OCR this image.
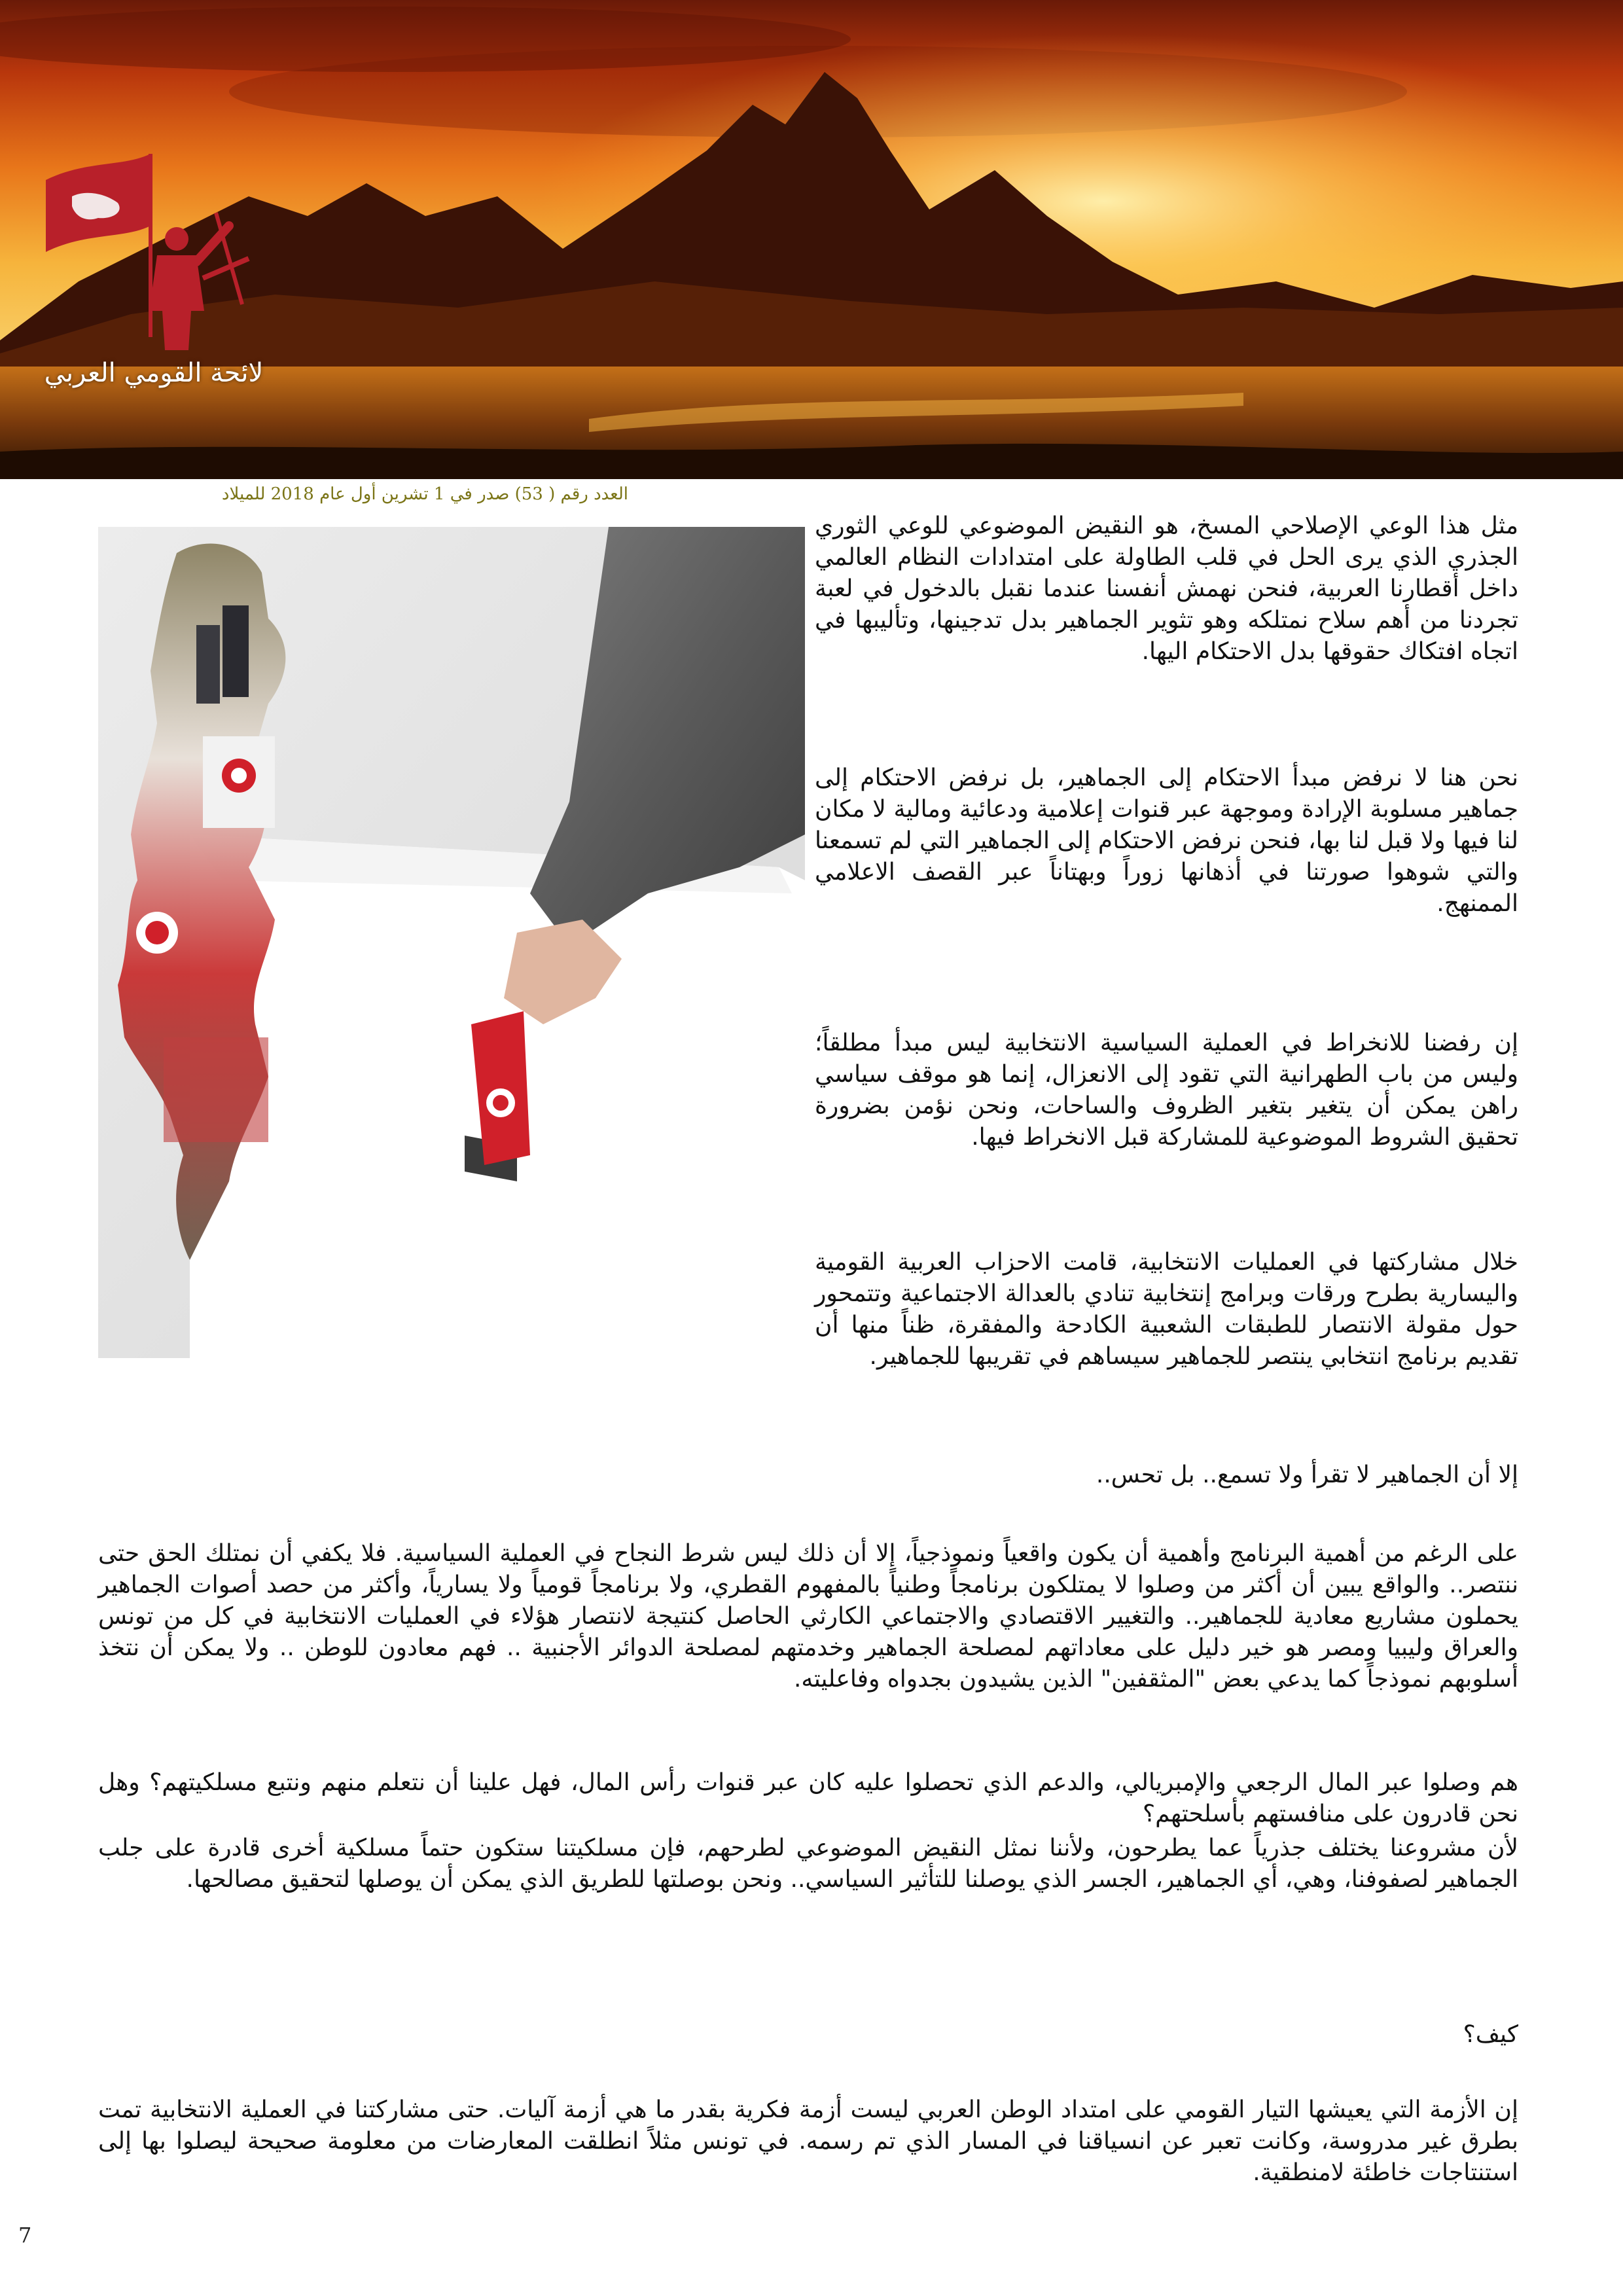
لائحة القومي العربي
العدد رقم ( 53) صدر في 1 تشرين أول عام 2018 للميلاد

مثل هذا الوعي الإصلاحي المسخ، هو النقيض الموضوعي للوعي الثوري الجذري الذي يرى الحل في قلب الطاولة على امتدادات النظام العالمي داخل أقطارنا العربية، فنحن نهمش أنفسنا عندما نقبل بالدخول في لعبة تجردنا من أهم سلاح نمتلكه وهو تثوير الجماهير بدل تدجينها، وتأليبها في اتجاه افتكاك حقوقها بدل الاحتكام اليها.

نحن هنا لا نرفض مبدأ الاحتكام إلى الجماهير، بل نرفض الاحتكام إلى جماهير مسلوبة الإرادة وموجهة عبر قنوات إعلامية ودعائية ومالية لا مكان لنا فيها ولا قبل لنا بها، فنحن نرفض الاحتكام إلى الجماهير التي لم تسمعنا والتي شوهوا صورتنا في أذهانها زوراً وبهتاناً عبر القصف الاعلامي الممنهج.

إن رفضنا للانخراط في العملية السياسية الانتخابية ليس مبدأ مطلقاً؛ وليس من باب الطهرانية التي تقود إلى الانعزال، إنما هو موقف سياسي راهن يمكن أن يتغير بتغير الظروف والساحات، ونحن نؤمن بضرورة تحقيق الشروط الموضوعية للمشاركة قبل الانخراط فيها.

خلال مشاركتها في العمليات الانتخابية، قامت الاحزاب العربية القومية واليسارية بطرح ورقات وبرامج إنتخابية تنادي بالعدالة الاجتماعية وتتمحور حول مقولة الانتصار للطبقات الشعبية الكادحة والمفقرة، ظناً منها أن تقديم برنامج انتخابي ينتصر للجماهير سيساهم في تقريبها للجماهير.

إلا أن الجماهير لا تقرأ ولا تسمع.. بل تحس..

على الرغم من أهمية البرنامج وأهمية أن يكون واقعياً ونموذجياً، إلا أن ذلك ليس شرط النجاح في العملية السياسية. فلا يكفي أن نمتلك الحق حتى ننتصر.. والواقع يبين أن أكثر من وصلوا لا يمتلكون برنامجاً وطنياً بالمفهوم القطري، ولا برنامجاً قومياً ولا يسارياً، وأكثر من حصد أصوات الجماهير يحملون مشاريع معادية للجماهير.. والتغيير الاقتصادي والاجتماعي الكارثي الحاصل كنتيجة لانتصار هؤلاء في العمليات الانتخابية في كل من تونس والعراق وليبيا ومصر هو خير دليل على معاداتهم لمصلحة الجماهير وخدمتهم لمصلحة الدوائر الأجنبية .. فهم معادون للوطن .. ولا يمكن أن نتخذ أسلوبهم نموذجاً كما يدعي بعض "المثقفين" الذين يشيدون بجدواه وفاعليته.

هم وصلوا عبر المال الرجعي والإمبريالي، والدعم الذي تحصلوا عليه كان عبر قنوات رأس المال، فهل علينا أن نتعلم منهم ونتبع مسلكيتهم؟ وهل نحن قادرون على منافستهم بأسلحتهم؟

لأن مشروعنا يختلف جذرياً عما يطرحون، ولأننا نمثل النقيض الموضوعي لطرحهم، فإن مسلكيتنا ستكون حتماً مسلكية أخرى قادرة على جلب الجماهير لصفوفنا، وهي، أي الجماهير، الجسر الذي يوصلنا للتأثير السياسي.. ونحن بوصلتها للطريق الذي يمكن أن يوصلها لتحقيق مصالحها.

كيف؟

إن الأزمة التي يعيشها التيار القومي على امتداد الوطن العربي ليست أزمة فكرية بقدر ما هي أزمة آليات. حتى مشاركتنا في العملية الانتخابية تمت بطرق غير مدروسة، وكانت تعبر عن انسياقنا في المسار الذي تم رسمه. في تونس مثلاً انطلقت المعارضات من معلومة صحيحة ليصلوا بها إلى استنتاجات خاطئة لامنطقية.

7
